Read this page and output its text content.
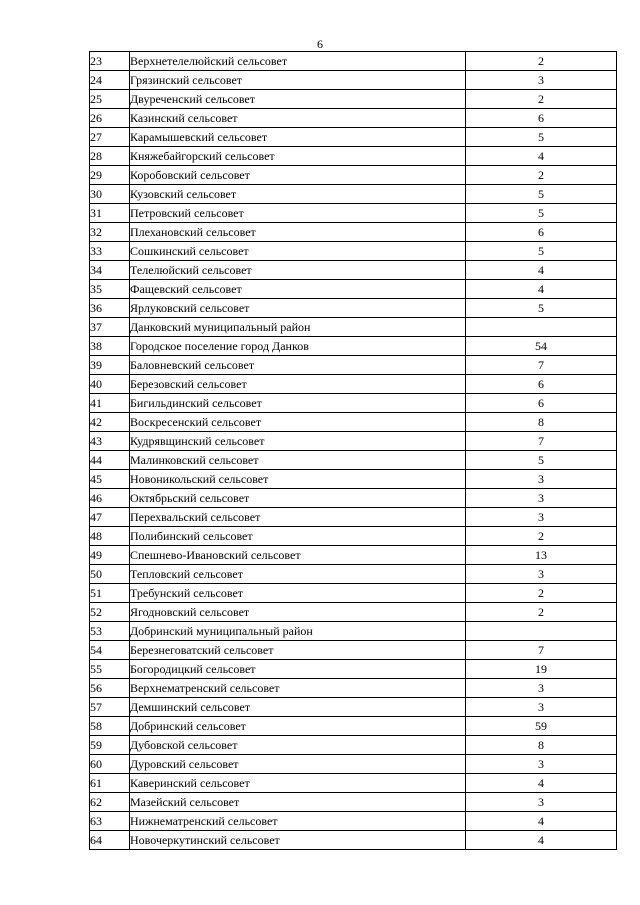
6
23	Верхнетелелюйский сельсовет	2
24	Грязинский сельсовет	3
25	Двуреченский сельсовет	2
26	Казинский сельсовет	6
27	Карамышевский сельсовет	5
28	Княжебайгорский сельсовет	4
29	Коробовский сельсовет	2
30	Кузовский сельсовет	5
31	Петровский сельсовет	5
32	Плехановский сельсовет	6
33	Сошкинский сельсовет	5
34	Телелюйский сельсовет	4
35	Фащевский сельсовет	4
36	Ярлуковский сельсовет	5
37	Данковский муниципальный район	
38	Городское поселение город Данков	54
39	Баловневский сельсовет	7
40	Березовский сельсовет	6
41	Бигильдинский сельсовет	6
42	Воскресенский сельсовет	8
43	Кудрявщинский сельсовет	7
44	Малинковский сельсовет	5
45	Новоникольский сельсовет	3
46	Октябрьский сельсовет	3
47	Перехвальский сельсовет	3
48	Полибинский сельсовет	2
49	Спешнево-Ивановский сельсовет	13
50	Тепловский сельсовет	3
51	Требунский сельсовет	2
52	Ягодновский сельсовет	2
53	Добринский муниципальный район	
54	Березнеговатский сельсовет	7
55	Богородицкий сельсовет	19
56	Верхнематренский сельсовет	3
57	Демшинский сельсовет	3
58	Добринский сельсовет	59
59	Дубовской сельсовет	8
60	Дуровский сельсовет	3
61	Каверинский сельсовет	4
62	Мазейский сельсовет	3
63	Нижнематренский сельсовет	4
64	Новочеркутинский сельсовет	4
